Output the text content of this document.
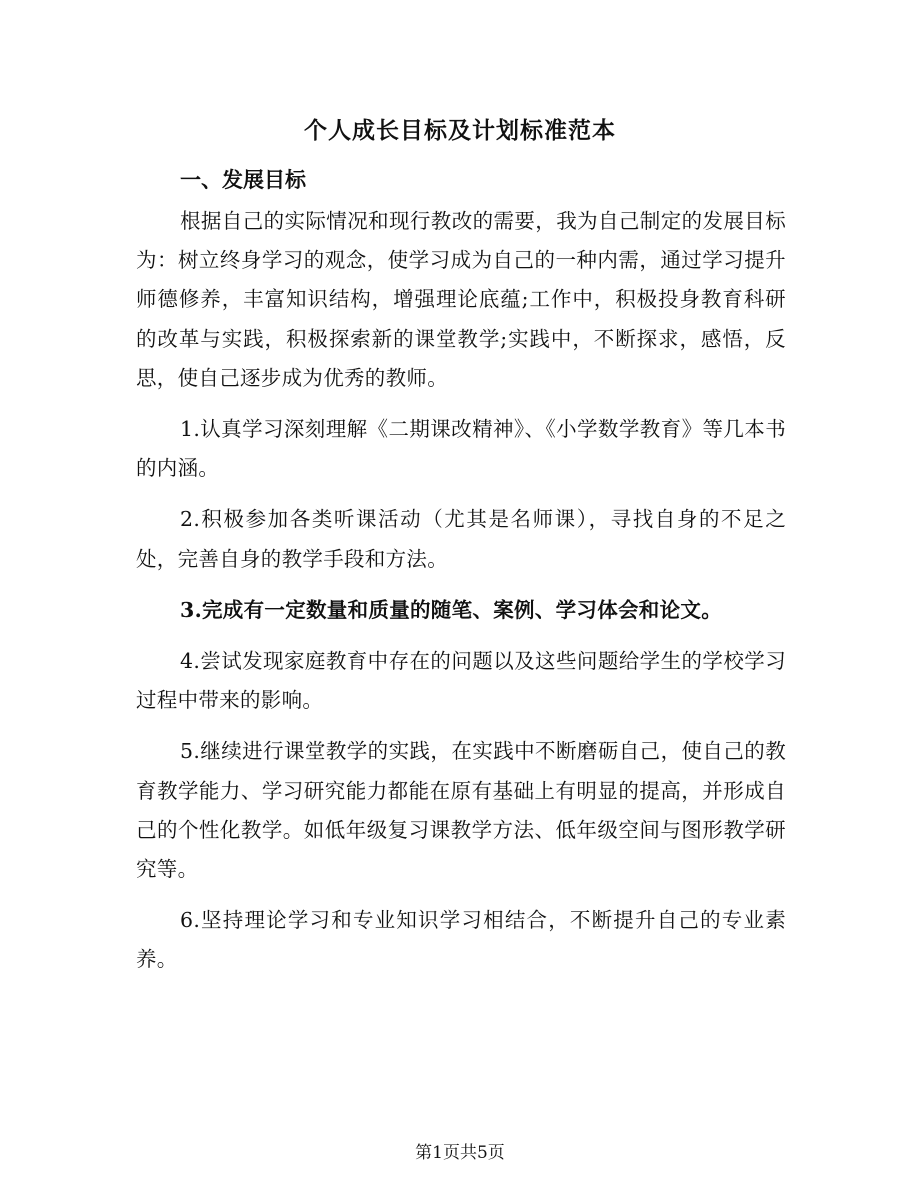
个人成长目标及计划标准范本
一、发展目标

根据自己的实际情况和现行教改的需要，我为自己制定的发展目标为：树立终身学习的观念，使学习成为自己的一种内需，通过学习提升师德修养，丰富知识结构，增强理论底蕴;工作中，积极投身教育科研的改革与实践，积极探索新的课堂教学;实践中，不断探求，感悟，反思，使自己逐步成为优秀的教师。

1.认真学习深刻理解《二期课改精神》、《小学数学教育》等几本书的内涵。

2.积极参加各类听课活动（尤其是名师课），寻找自身的不足之处，完善自身的教学手段和方法。

3.完成有一定数量和质量的随笔、案例、学习体会和论文。

4.尝试发现家庭教育中存在的问题以及这些问题给学生的学校学习过程中带来的影响。

5.继续进行课堂教学的实践，在实践中不断磨砺自己，使自己的教育教学能力、学习研究能力都能在原有基础上有明显的提高，并形成自己的个性化教学。如低年级复习课教学方法、低年级空间与图形教学研究等。

6.坚持理论学习和专业知识学习相结合，不断提升自己的专业素养。

第1页共5页
